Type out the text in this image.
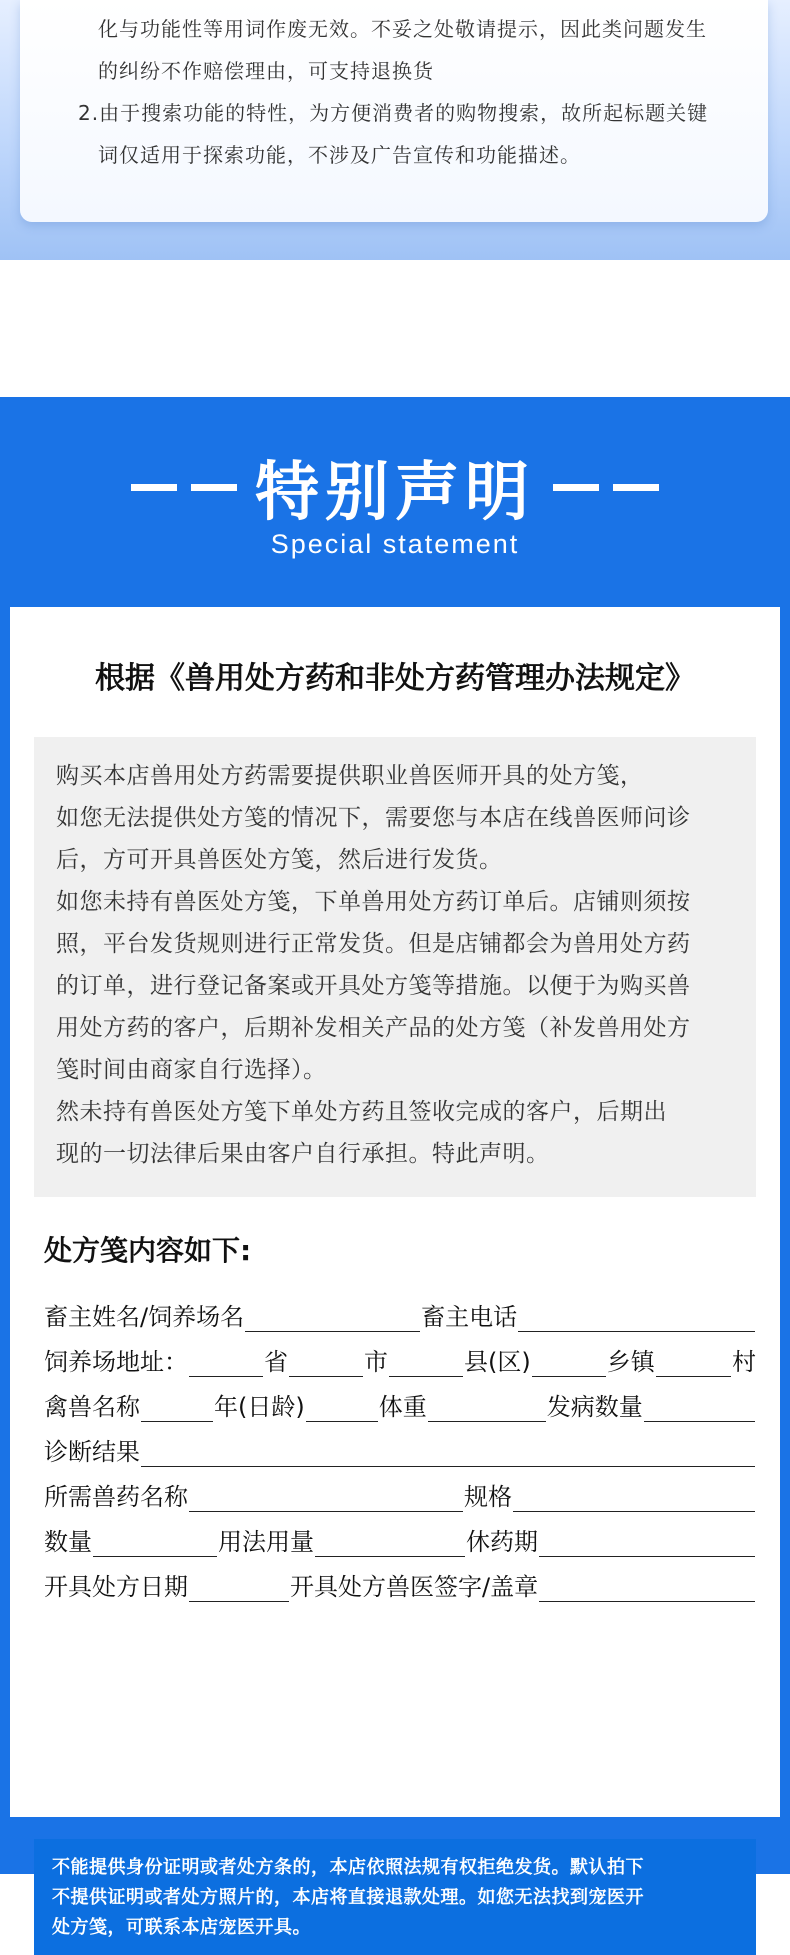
化与功能性等用词作废无效。不妥之处敬请提示，因此类问题发生
的纠纷不作赔偿理由，可支持退换货
2.由于搜索功能的特性，为方便消费者的购物搜索，故所起标题关键
词仅适用于探索功能，不涉及广告宣传和功能描述。
特别声明
Special statement
根据《兽用处方药和非处方药管理办法规定》
购买本店兽用处方药需要提供职业兽医师开具的处方笺，
如您无法提供处方笺的情况下，需要您与本店在线兽医师问诊
后，方可开具兽医处方笺，然后进行发货。
如您未持有兽医处方笺，下单兽用处方药订单后。店铺则须按
照，平台发货规则进行正常发货。但是店铺都会为兽用处方药
的订单，进行登记备案或开具处方笺等措施。以便于为购买兽
用处方药的客户，后期补发相关产品的处方笺（补发兽用处方
笺时间由商家自行选择）。
然未持有兽医处方笺下单处方药且签收完成的客户，后期出
现的一切法律后果由客户自行承担。特此声明。
处方笺内容如下:
畜主姓名/饲养场名	畜主电话
饲养场地址：	省	市	县(区)	乡镇	村
禽兽名称	年(日龄)	体重	发病数量
诊断结果
所需兽药名称	规格
数量	用法用量	休药期
开具处方日期	开具处方兽医签字/盖章
不能提供身份证明或者处方条的，本店依照法规有权拒绝发货。默认拍下
不提供证明或者处方照片的，本店将直接退款处理。如您无法找到宠医开
处方笺，可联系本店宠医开具。
